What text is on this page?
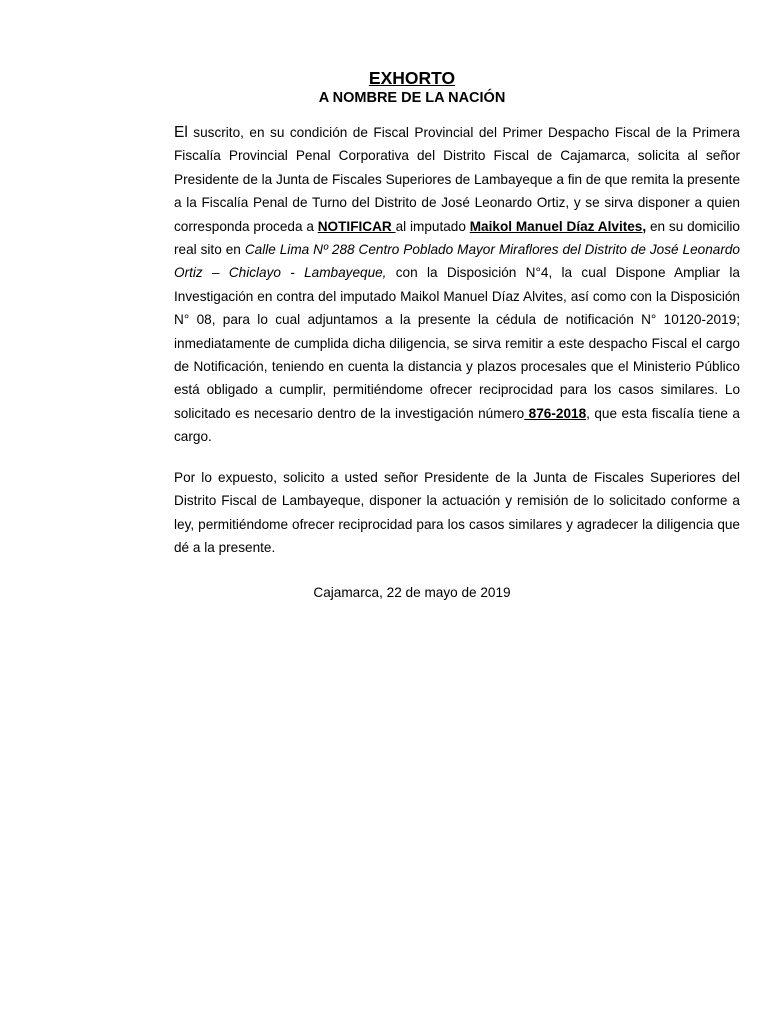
EXHORTO
A NOMBRE DE LA NACIÓN

El suscrito, en su condición de Fiscal Provincial del Primer Despacho Fiscal de la Primera Fiscalía Provincial Penal Corporativa del Distrito Fiscal de Cajamarca, solicita al señor Presidente de la Junta de Fiscales Superiores de Lambayeque a fin de que remita la presente a la Fiscalía Penal de Turno del Distrito de José Leonardo Ortiz, y se sirva disponer a quien corresponda proceda a NOTIFICAR al imputado Maikol Manuel Díaz Alvites, en su domicilio real sito en Calle Lima Nº 288 Centro Poblado Mayor Miraflores del Distrito de José Leonardo Ortiz – Chiclayo - Lambayeque, con la Disposición N°4, la cual Dispone Ampliar la Investigación en contra del imputado Maikol Manuel Díaz Alvites, así como con la Disposición N° 08, para lo cual adjuntamos a la presente la cédula de notificación N° 10120-2019; inmediatamente de cumplida dicha diligencia, se sirva remitir a este despacho Fiscal el cargo de Notificación, teniendo en cuenta la distancia y plazos procesales que el Ministerio Público está obligado a cumplir, permitiéndome ofrecer reciprocidad para los casos similares. Lo solicitado es necesario dentro de la investigación número 876-2018, que esta fiscalía tiene a cargo.

Por lo expuesto, solicito a usted señor Presidente de la Junta de Fiscales Superiores del Distrito Fiscal de Lambayeque, disponer la actuación y remisión de lo solicitado conforme a ley, permitiéndome ofrecer reciprocidad para los casos similares y agradecer la diligencia que dé a la presente.

Cajamarca, 22 de mayo de 2019
